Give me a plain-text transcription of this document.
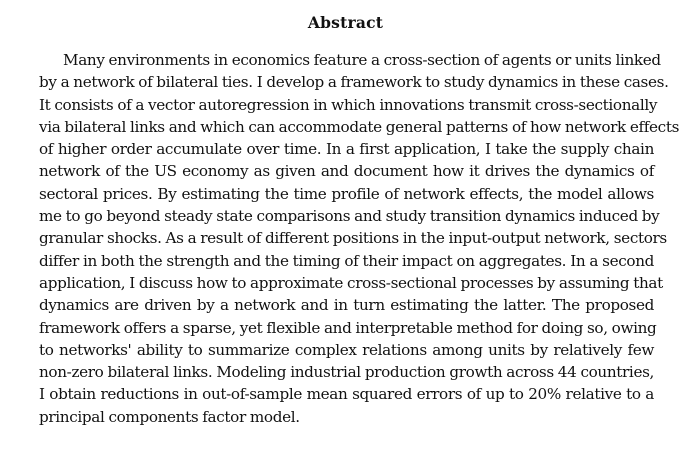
Abstract
Many environments in economics feature a cross-section of agents or units linked
by a network of bilateral ties. I develop a framework to study dynamics in these cases.
It consists of a vector autoregression in which innovations transmit cross-sectionally
via bilateral links and which can accommodate general patterns of how network effects
of higher order accumulate over time. In a first application, I take the supply chain
network of the US economy as given and document how it drives the dynamics of
sectoral prices. By estimating the time profile of network effects, the model allows
me to go beyond steady state comparisons and study transition dynamics induced by
granular shocks. As a result of different positions in the input-output network, sectors
differ in both the strength and the timing of their impact on aggregates. In a second
application, I discuss how to approximate cross-sectional processes by assuming that
dynamics are driven by a network and in turn estimating the latter. The proposed
framework offers a sparse, yet flexible and interpretable method for doing so, owing
to networks' ability to summarize complex relations among units by relatively few
non-zero bilateral links. Modeling industrial production growth across 44 countries,
I obtain reductions in out-of-sample mean squared errors of up to 20% relative to a
principal components factor model.
